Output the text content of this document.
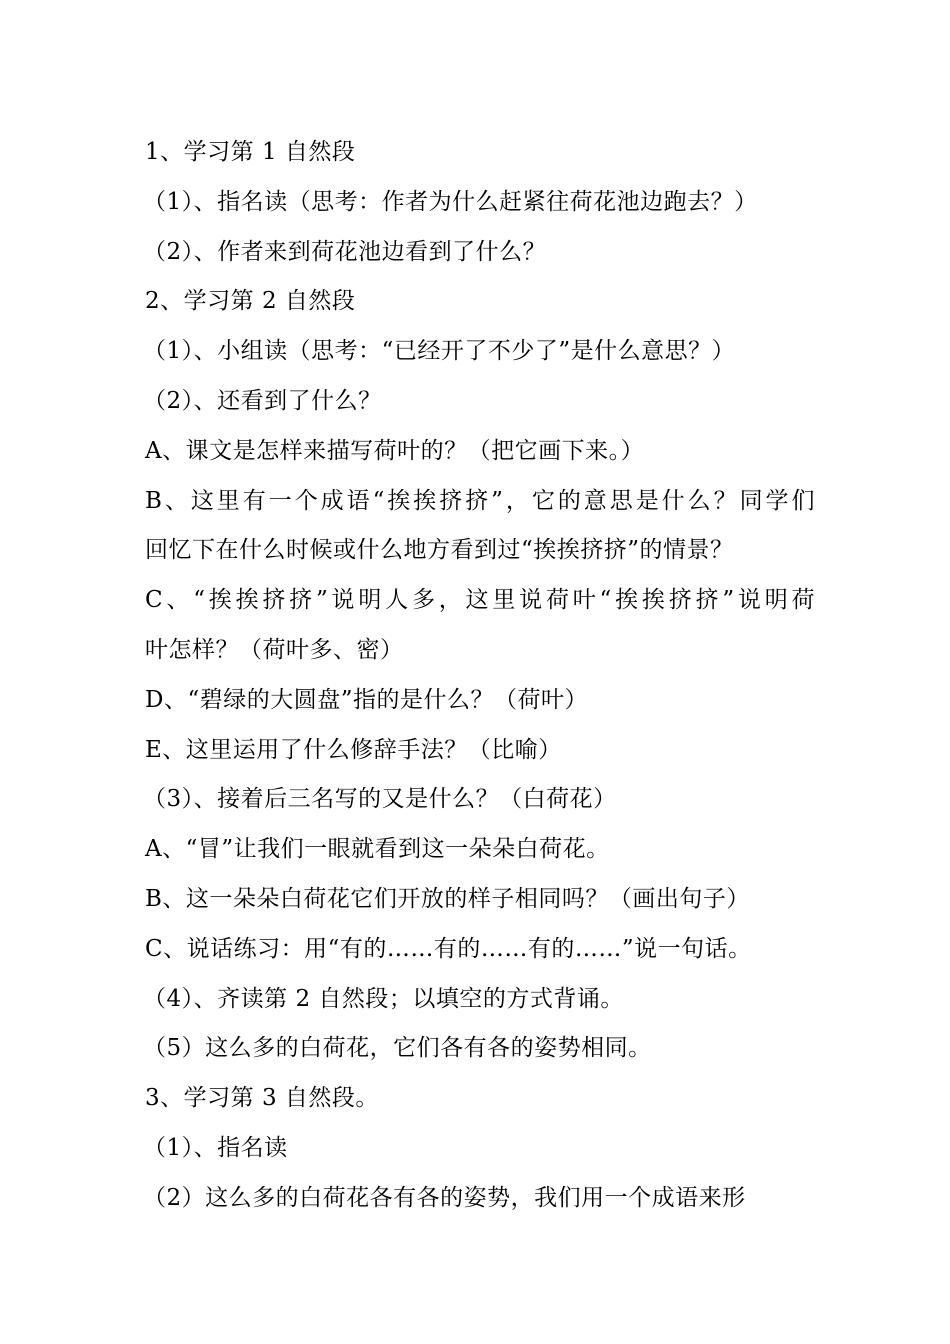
1、学习第 1 自然段
（1）、指名读（思考：作者为什么赶紧往荷花池边跑去？）
（2）、作者来到荷花池边看到了什么？
2、学习第 2 自然段
（1）、小组读（思考：“已经开了不少了”是什么意思？）
（2）、还看到了什么？
A、课文是怎样来描写荷叶的？（把它画下来。）
B、这里有一个成语“挨挨挤挤”，它的意思是什么？同学们
回忆下在什么时候或什么地方看到过“挨挨挤挤”的情景？
C、“挨挨挤挤”说明人多，这里说荷叶“挨挨挤挤”说明荷
叶怎样？（荷叶多、密）
D、“碧绿的大圆盘”指的是什么？（荷叶）
E、这里运用了什么修辞手法？（比喻）
（3）、接着后三名写的又是什么？（白荷花）
A、“冒”让我们一眼就看到这一朵朵白荷花。
B、这一朵朵白荷花它们开放的样子相同吗？（画出句子）
C、说话练习：用“有的……有的……有的……”说一句话。
（4）、齐读第 2 自然段；以填空的方式背诵。
（5）这么多的白荷花，它们各有各的姿势相同。
3、学习第 3 自然段。
（1）、指名读
（2）这么多的白荷花各有各的姿势，我们用一个成语来形
